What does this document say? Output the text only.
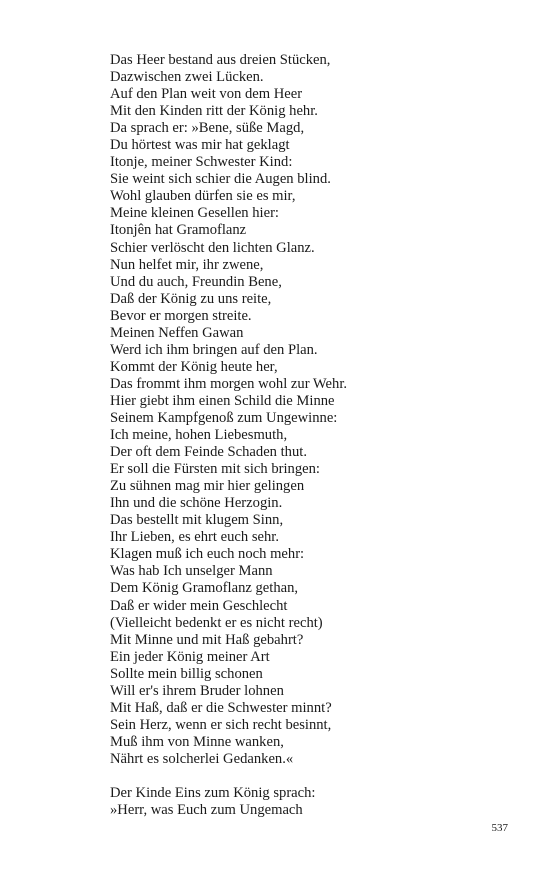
Das Heer bestand aus dreien Stücken,
Dazwischen zwei Lücken.
Auf den Plan weit von dem Heer
Mit den Kinden ritt der König hehr.
Da sprach er: »Bene, süße Magd,
Du hörtest was mir hat geklagt
Itonje, meiner Schwester Kind:
Sie weint sich schier die Augen blind.
Wohl glauben dürfen sie es mir,
Meine kleinen Gesellen hier:
Itonjên hat Gramoflanz
Schier verlöscht den lichten Glanz.
Nun helfet mir, ihr zwene,
Und du auch, Freundin Bene,
Daß der König zu uns reite,
Bevor er morgen streite.
Meinen Neffen Gawan
Werd ich ihm bringen auf den Plan.
Kommt der König heute her,
Das frommt ihm morgen wohl zur Wehr.
Hier giebt ihm einen Schild die Minne
Seinem Kampfgenoß zum Ungewinne:
Ich meine, hohen Liebesmuth,
Der oft dem Feinde Schaden thut.
Er soll die Fürsten mit sich bringen:
Zu sühnen mag mir hier gelingen
Ihn und die schöne Herzogin.
Das bestellt mit klugem Sinn,
Ihr Lieben, es ehrt euch sehr.
Klagen muß ich euch noch mehr:
Was hab Ich unselger Mann
Dem König Gramoflanz gethan,
Daß er wider mein Geschlecht
(Vielleicht bedenkt er es nicht recht)
Mit Minne und mit Haß gebahrt?
Ein jeder König meiner Art
Sollte mein billig schonen
Will er's ihrem Bruder lohnen
Mit Haß, daß er die Schwester minnt?
Sein Herz, wenn er sich recht besinnt,
Muß ihm von Minne wanken,
Nährt es solcherlei Gedanken.«
Der Kinde Eins zum König sprach:
»Herr, was Euch zum Ungemach
537
